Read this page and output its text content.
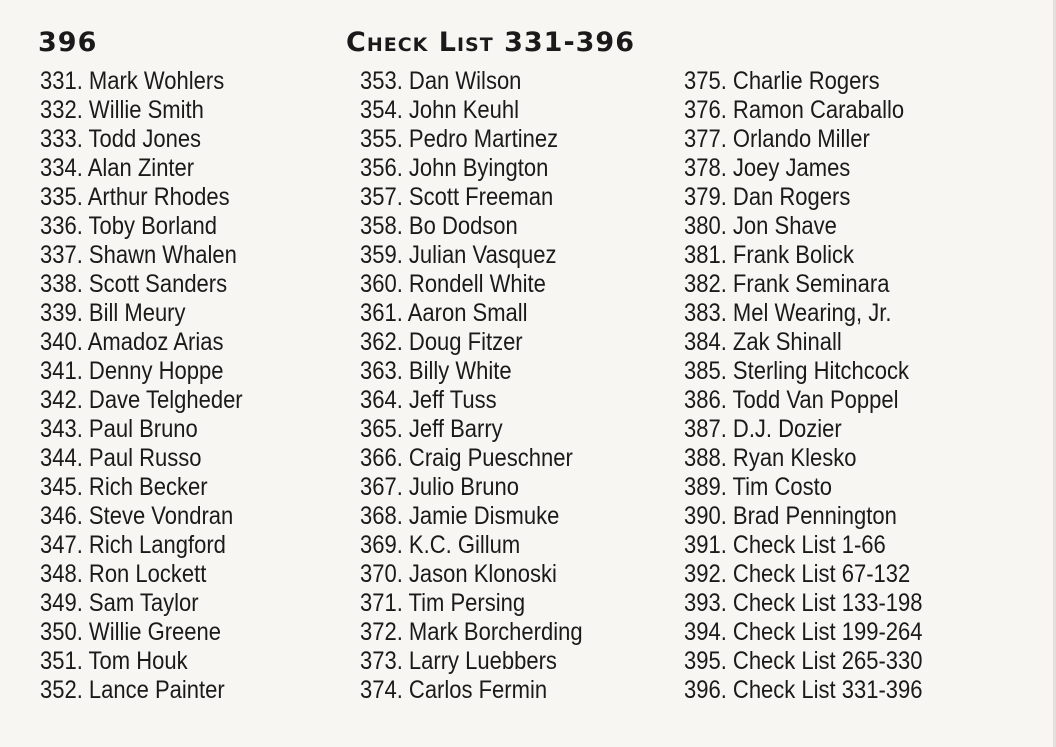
396	Check List 331-396
331. Mark Wohlers
332. Willie Smith
333. Todd Jones
334. Alan Zinter
335. Arthur Rhodes
336. Toby Borland
337. Shawn Whalen
338. Scott Sanders
339. Bill Meury
340. Amadoz Arias
341. Denny Hoppe
342. Dave Telgheder
343. Paul Bruno
344. Paul Russo
345. Rich Becker
346. Steve Vondran
347. Rich Langford
348. Ron Lockett
349. Sam Taylor
350. Willie Greene
351. Tom Houk
352. Lance Painter
353. Dan Wilson
354. John Keuhl
355. Pedro Martinez
356. John Byington
357. Scott Freeman
358. Bo Dodson
359. Julian Vasquez
360. Rondell White
361. Aaron Small
362. Doug Fitzer
363. Billy White
364. Jeff Tuss
365. Jeff Barry
366. Craig Pueschner
367. Julio Bruno
368. Jamie Dismuke
369. K.C. Gillum
370. Jason Klonoski
371. Tim Persing
372. Mark Borcherding
373. Larry Luebbers
374. Carlos Fermin
375. Charlie Rogers
376. Ramon Caraballo
377. Orlando Miller
378. Joey James
379. Dan Rogers
380. Jon Shave
381. Frank Bolick
382. Frank Seminara
383. Mel Wearing, Jr.
384. Zak Shinall
385. Sterling Hitchcock
386. Todd Van Poppel
387. D.J. Dozier
388. Ryan Klesko
389. Tim Costo
390. Brad Pennington
391. Check List 1-66
392. Check List 67-132
393. Check List 133-198
394. Check List 199-264
395. Check List 265-330
396. Check List 331-396
